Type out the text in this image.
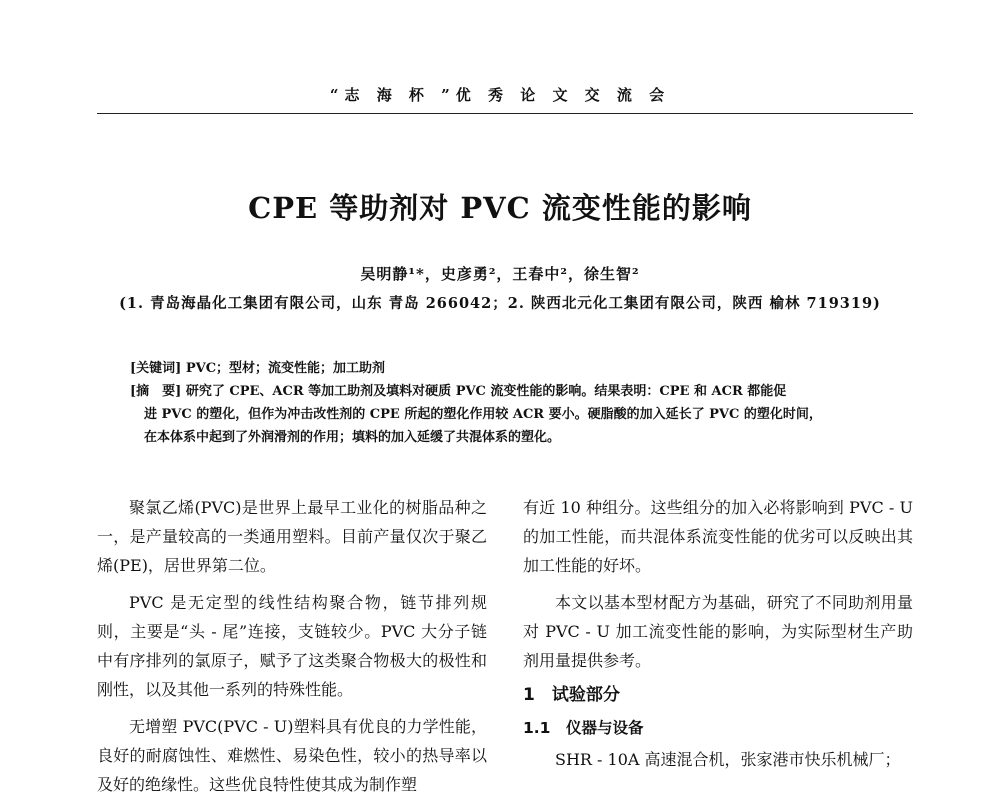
“志 海 杯 ”优 秀 论 文 交 流 会
CPE 等助剂对 PVC 流变性能的影响
吴明静¹*，史彦勇²，王春中²，徐生智²
(1. 青岛海晶化工集团有限公司，山东 青岛 266042；2. 陕西北元化工集团有限公司，陕西 榆林 719319)
[关键词] PVC；型材；流变性能；加工助剂
[摘　要] 研究了 CPE、ACR 等加工助剂及填料对硬质 PVC 流变性能的影响。结果表明：CPE 和 ACR 都能促
进 PVC 的塑化，但作为冲击改性剂的 CPE 所起的塑化作用较 ACR 要小。硬脂酸的加入延长了 PVC 的塑化时间，
在本体系中起到了外润滑剂的作用；填料的加入延缓了共混体系的塑化。

聚氯乙烯(PVC)是世界上最早工业化的树脂品种之一，是产量较高的一类通用塑料。目前产量仅次于聚乙烯(PE)，居世界第二位。

PVC 是无定型的线性结构聚合物，链节排列规则，主要是“头 - 尾”连接，支链较少。PVC 大分子链中有序排列的氯原子，赋予了这类聚合物极大的极性和刚性，以及其他一系列的特殊性能。

无增塑 PVC(PVC - U)塑料具有优良的力学性能，良好的耐腐蚀性、难燃性、易染色性，较小的热导率以及好的绝缘性。这些优良特性使其成为制作塑

有近 10 种组分。这些组分的加入必将影响到 PVC - U 的加工性能，而共混体系流变性能的优劣可以反映出其加工性能的好坏。

本文以基本型材配方为基础，研究了不同助剂用量对 PVC - U 加工流变性能的影响，为实际型材生产助剂用量提供参考。

1　试验部分
1.1　仪器与设备

SHR - 10A 高速混合机，张家港市快乐机械厂；
